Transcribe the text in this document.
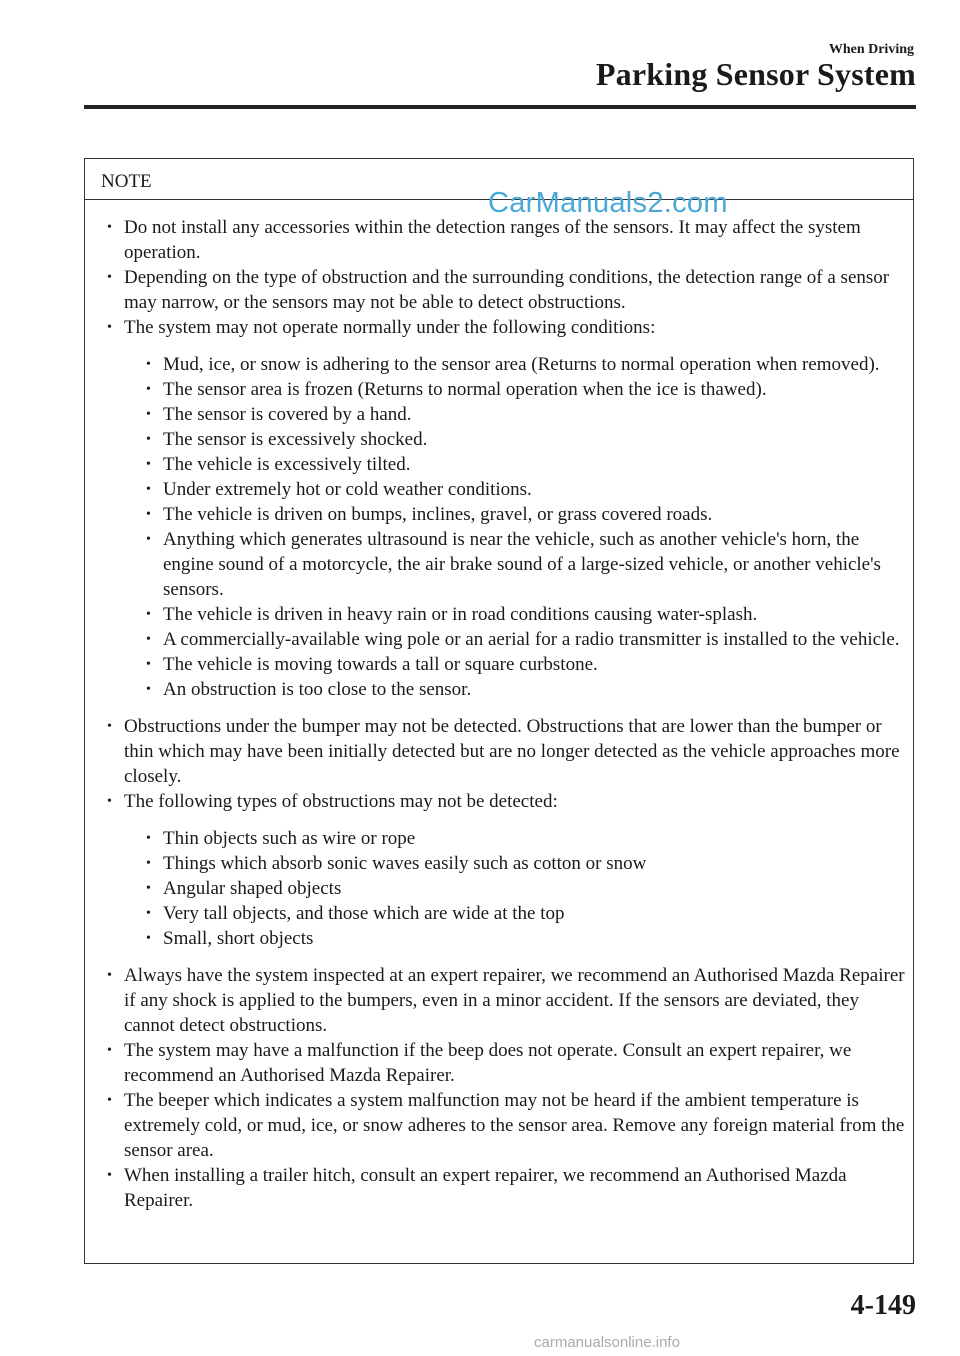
When Driving
Parking Sensor System
NOTE
• Do not install any accessories within the detection ranges of the sensors. It may affect the system operation.
• Depending on the type of obstruction and the surrounding conditions, the detection range of a sensor may narrow, or the sensors may not be able to detect obstructions.
• The system may not operate normally under the following conditions:
• Mud, ice, or snow is adhering to the sensor area (Returns to normal operation when removed).
• The sensor area is frozen (Returns to normal operation when the ice is thawed).
• The sensor is covered by a hand.
• The sensor is excessively shocked.
• The vehicle is excessively tilted.
• Under extremely hot or cold weather conditions.
• The vehicle is driven on bumps, inclines, gravel, or grass covered roads.
• Anything which generates ultrasound is near the vehicle, such as another vehicle's horn, the engine sound of a motorcycle, the air brake sound of a large-sized vehicle, or another vehicle's sensors.
• The vehicle is driven in heavy rain or in road conditions causing water-splash.
• A commercially-available wing pole or an aerial for a radio transmitter is installed to the vehicle.
• The vehicle is moving towards a tall or square curbstone.
• An obstruction is too close to the sensor.
• Obstructions under the bumper may not be detected. Obstructions that are lower than the bumper or thin which may have been initially detected but are no longer detected as the vehicle approaches more closely.
• The following types of obstructions may not be detected:
• Thin objects such as wire or rope
• Things which absorb sonic waves easily such as cotton or snow
• Angular shaped objects
• Very tall objects, and those which are wide at the top
• Small, short objects
• Always have the system inspected at an expert repairer, we recommend an Authorised Mazda Repairer if any shock is applied to the bumpers, even in a minor accident. If the sensors are deviated, they cannot detect obstructions.
• The system may have a malfunction if the beep does not operate. Consult an expert repairer, we recommend an Authorised Mazda Repairer.
• The beeper which indicates a system malfunction may not be heard if the ambient temperature is extremely cold, or mud, ice, or snow adheres to the sensor area. Remove any foreign material from the sensor area.
• When installing a trailer hitch, consult an expert repairer, we recommend an Authorised Mazda Repairer.
CarManuals2.com
carmanualsonline.info
4-149
